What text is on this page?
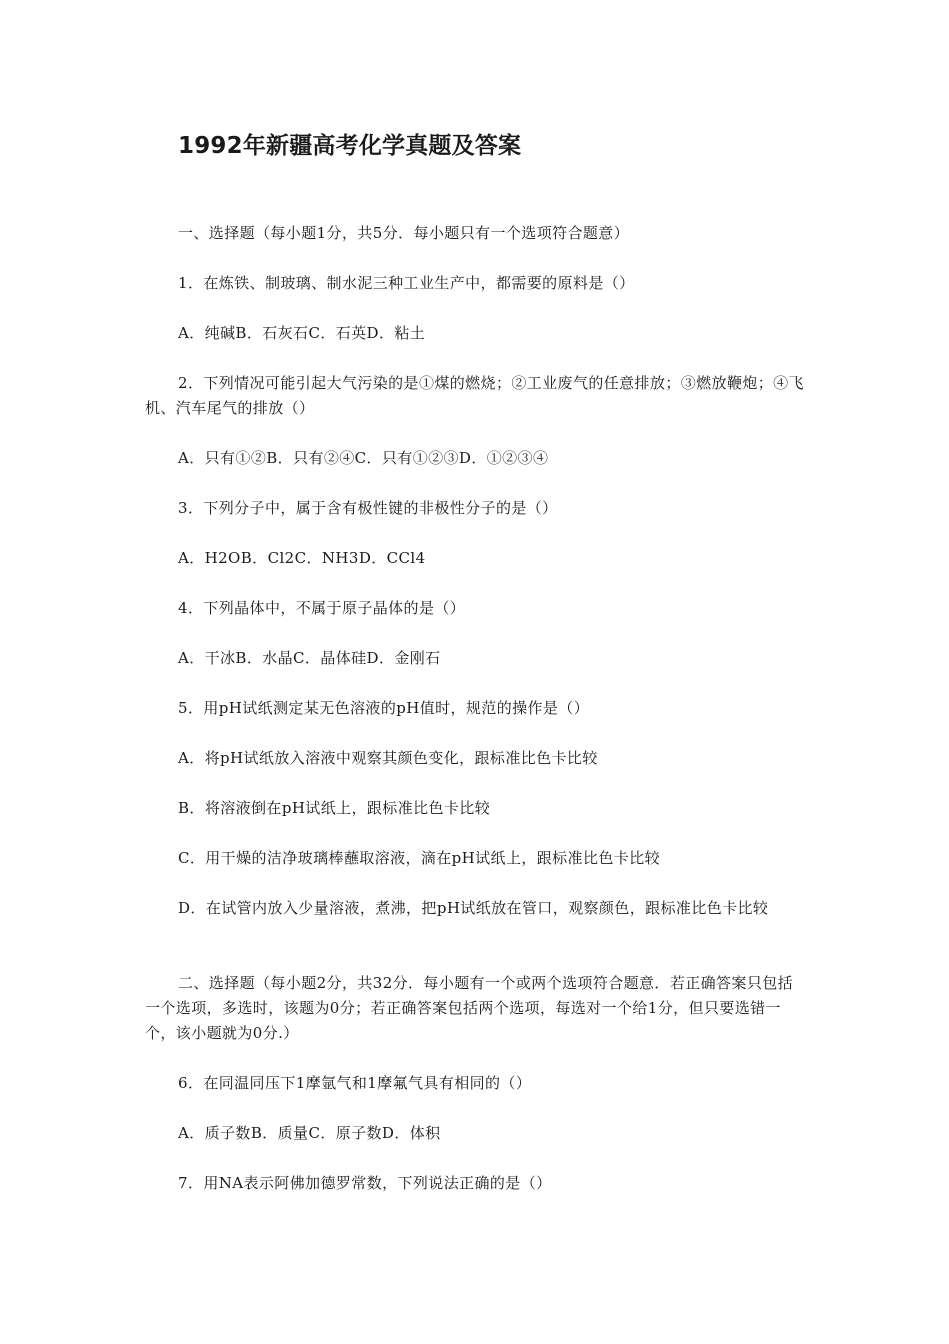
1992年新疆高考化学真题及答案

一、选择题（每小题1分，共5分．每小题只有一个选项符合题意）

1．在炼铁、制玻璃、制水泥三种工业生产中，都需要的原料是（）

A．纯碱B．石灰石C．石英D．粘土

2．下列情况可能引起大气污染的是①煤的燃烧；②工业废气的任意排放；③燃放鞭炮；④飞机、汽车尾气的排放（）

A．只有①②B．只有②④C．只有①②③D．①②③④

3．下列分子中，属于含有极性键的非极性分子的是（）

A．H2OB．Cl2C．NH3D．CCl4

4．下列晶体中，不属于原子晶体的是（）

A．干冰B．水晶C．晶体硅D．金刚石

5．用pH试纸测定某无色溶液的pH值时，规范的操作是（）

A．将pH试纸放入溶液中观察其颜色变化，跟标准比色卡比较

B．将溶液倒在pH试纸上，跟标准比色卡比较

C．用干燥的洁净玻璃棒蘸取溶液，滴在pH试纸上，跟标准比色卡比较

D．在试管内放入少量溶液，煮沸，把pH试纸放在管口，观察颜色，跟标准比色卡比较

二、选择题（每小题2分，共32分．每小题有一个或两个选项符合题意．若正确答案只包括一个选项，多选时，该题为0分；若正确答案包括两个选项，每选对一个给1分，但只要选错一个，该小题就为0分.）

6．在同温同压下1摩氩气和1摩氟气具有相同的（）

A．质子数B．质量C．原子数D．体积

7．用NA表示阿佛加德罗常数，下列说法正确的是（）
